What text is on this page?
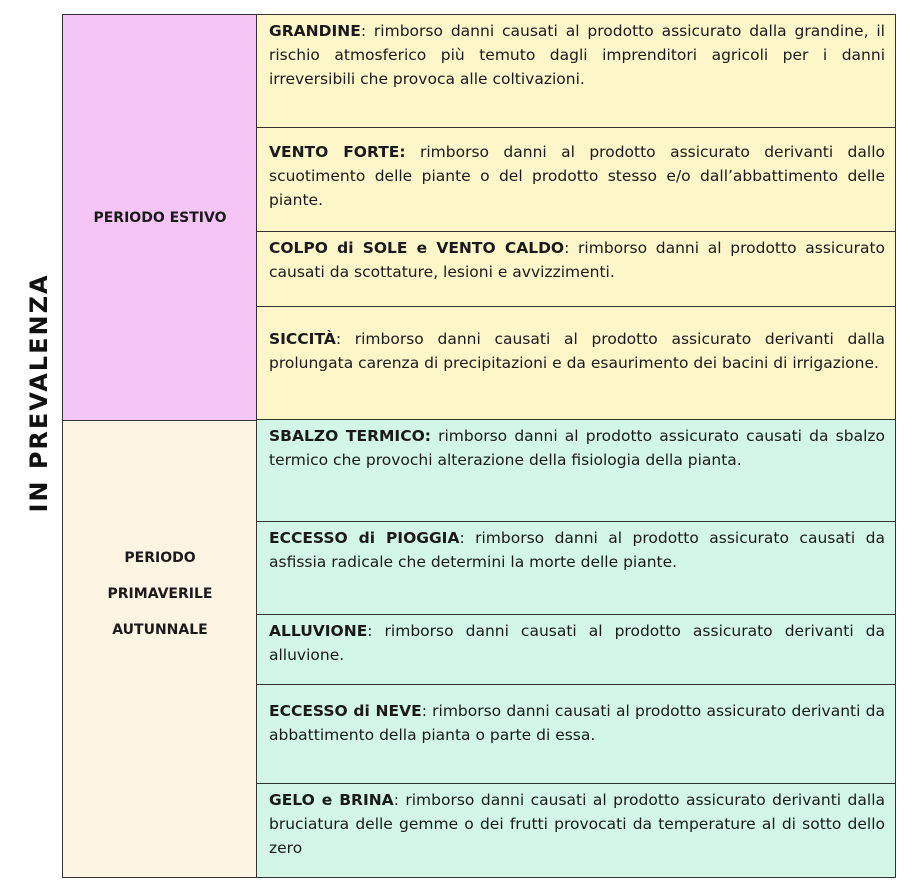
IN PREVALENZA
PERIODO ESTIVO
PERIODO
PRIMAVERILE
AUTUNNALE
GRANDINE: rimborso danni causati al prodotto assicurato dalla grandine, il rischio atmosferico più temuto dagli imprenditori agricoli per i danni irreversibili che provoca alle coltivazioni.
VENTO FORTE: rimborso danni al prodotto assicurato derivanti dallo scuotimento delle piante o del prodotto stesso e/o dall’abbattimento delle piante.
COLPO di SOLE e VENTO CALDO: rimborso danni al prodotto assicurato causati da scottature, lesioni e avvizzimenti.
SICCITÀ: rimborso danni causati al prodotto assicurato derivanti dalla prolungata carenza di precipitazioni e da esaurimento dei bacini di irrigazione.
SBALZO TERMICO: rimborso danni al prodotto assicurato causati da sbalzo termico che provochi alterazione della fisiologia della pianta.
ECCESSO di PIOGGIA: rimborso danni al prodotto assicurato causati da asfissia radicale che determini la morte delle piante.
ALLUVIONE: rimborso danni causati al prodotto assicurato derivanti da alluvione.
ECCESSO di NEVE: rimborso danni causati al prodotto assicurato derivanti da abbattimento della pianta o parte di essa.
GELO e BRINA: rimborso danni causati al prodotto assicurato derivanti dalla bruciatura delle gemme o dei frutti provocati da temperature al di sotto dello zero
